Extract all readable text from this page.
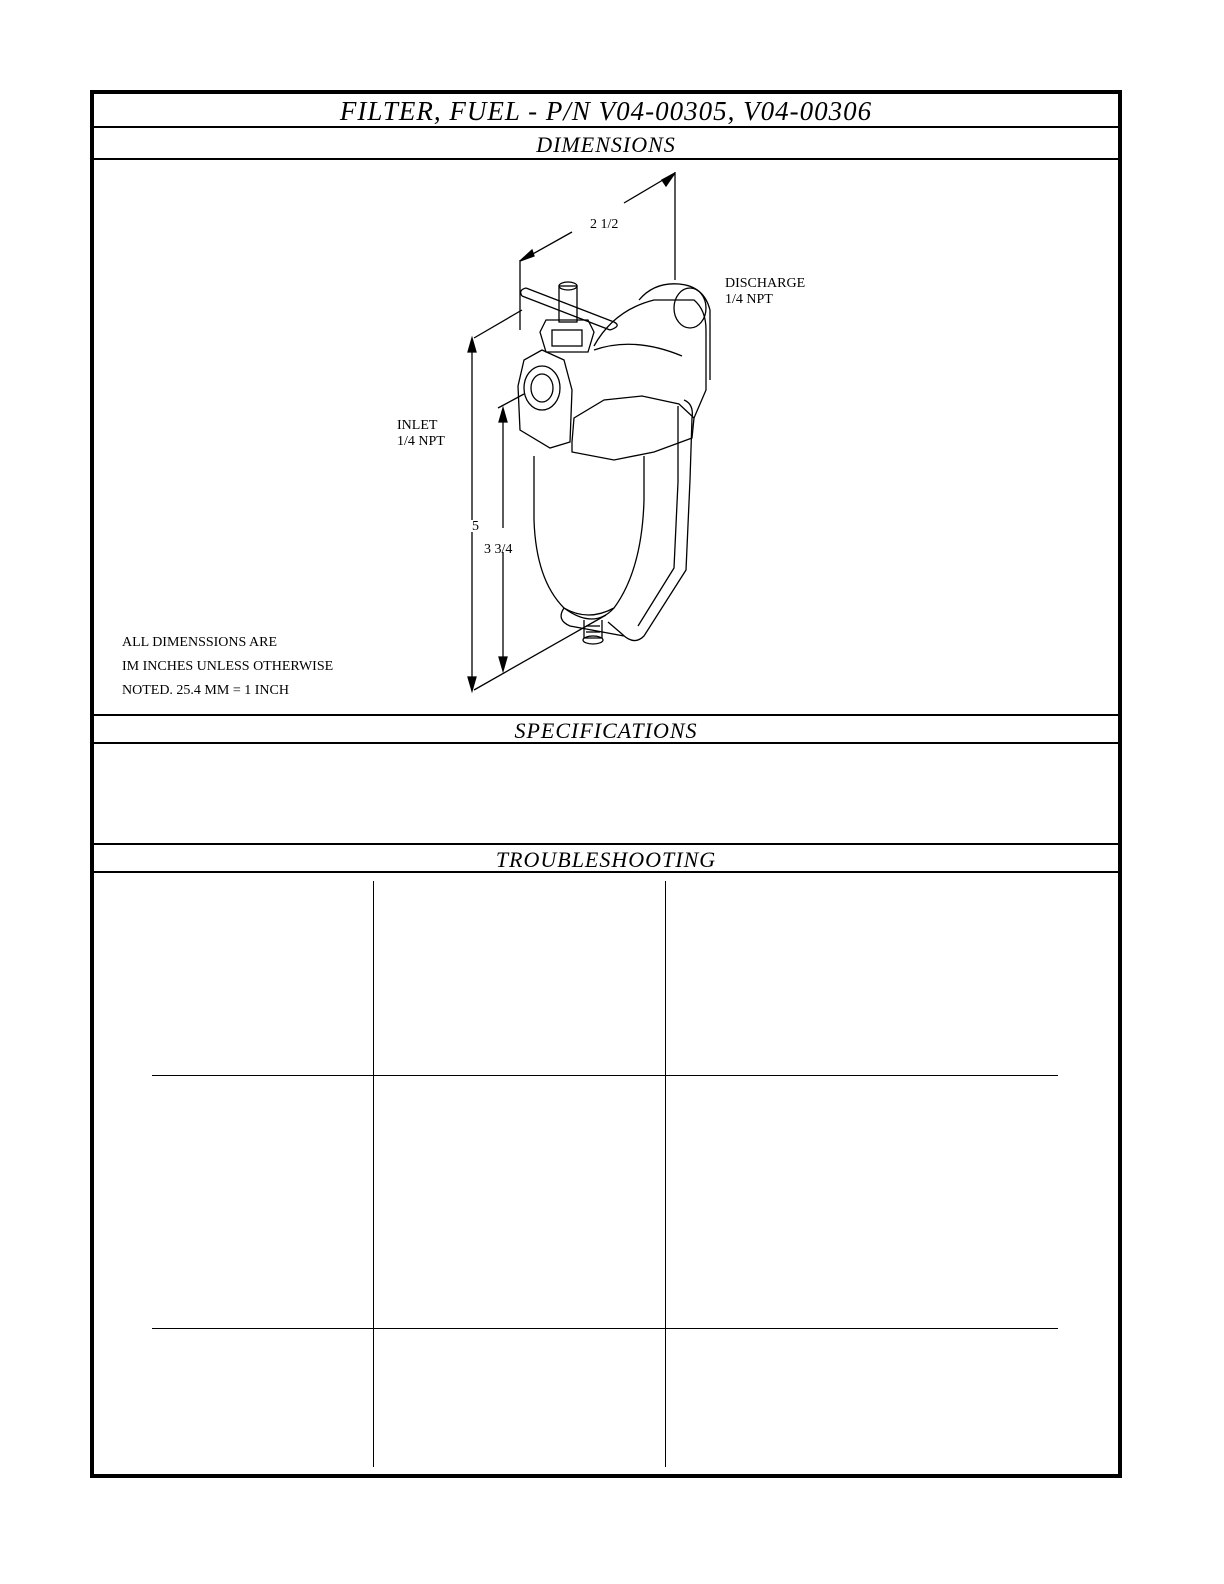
FILTER, FUEL - P/N V04-00305, V04-00306
DIMENSIONS
2 1/2
DISCHARGE
1/4 NPT
INLET
1/4 NPT
5
3 3/4
ALL DIMENSSIONS ARE
IM INCHES UNLESS OTHERWISE
NOTED. 25.4 MM = 1 INCH
SPECIFICATIONS
TROUBLESHOOTING
